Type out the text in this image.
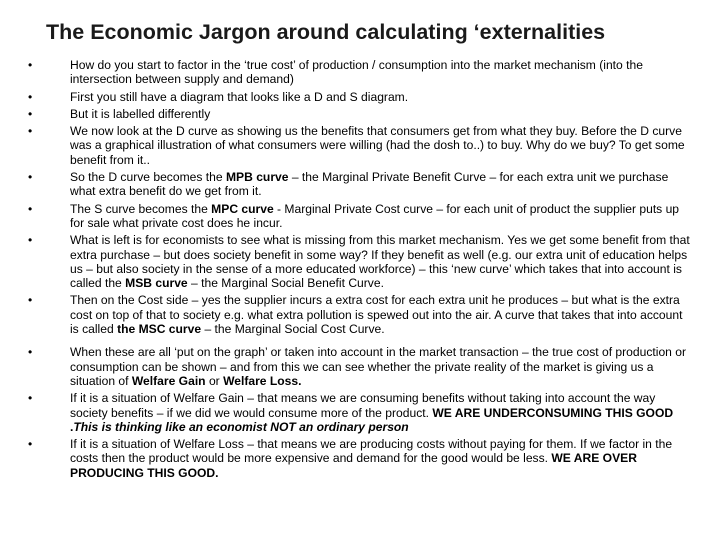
The Economic Jargon around calculating ‘externalities
•	How do you start to factor in the ‘true cost’ of production / consumption into the market mechanism (into the intersection between supply and demand)
•	First you still have a diagram that looks like a D and S diagram.
•	But it is labelled differently
•	We now look at the D curve as showing us the benefits that consumers get from what they buy. Before the D curve was a graphical illustration of what consumers were willing (had the dosh to..) to buy. Why do we buy? To get some benefit from it..
•	So the D curve becomes the MPB curve – the Marginal Private Benefit Curve – for each extra unit we purchase what extra benefit do we get from it.
•	The S curve becomes the MPC curve - Marginal Private Cost curve – for each unit of product the supplier puts up for sale what private cost does he incur.
•	What is left is for economists to see what is missing from this market mechanism. Yes we get some benefit from that extra purchase – but does society benefit in some way? If they benefit as well (e.g. our extra unit of education helps us – but also society in the sense of a more educated workforce) – this ‘new curve’ which takes that into account is called the MSB curve – the Marginal Social Benefit Curve.
•	Then on the Cost side – yes the supplier incurs a extra cost for each extra unit he produces – but what is the extra cost on top of that to society e.g. what extra pollution is spewed out into the air. A curve that takes that into account is called the MSC curve – the Marginal Social Cost Curve.
•	When these are all ‘put on the graph’ or taken into account in the market transaction – the true cost of production or consumption can be shown – and from this we can see whether the private reality of the market is giving us a situation of Welfare Gain or Welfare Loss.
•	If it is a situation of Welfare Gain – that means we are consuming benefits without taking into account the way society benefits – if we did we would consume more of the product. WE ARE UNDERCONSUMING THIS GOOD .This is thinking like an economist NOT an ordinary person
•	If it is a situation of Welfare Loss – that means we are producing costs without paying for them. If we factor in the costs then the product would be more expensive and demand for the good would be less. WE ARE OVER PRODUCING THIS GOOD.
